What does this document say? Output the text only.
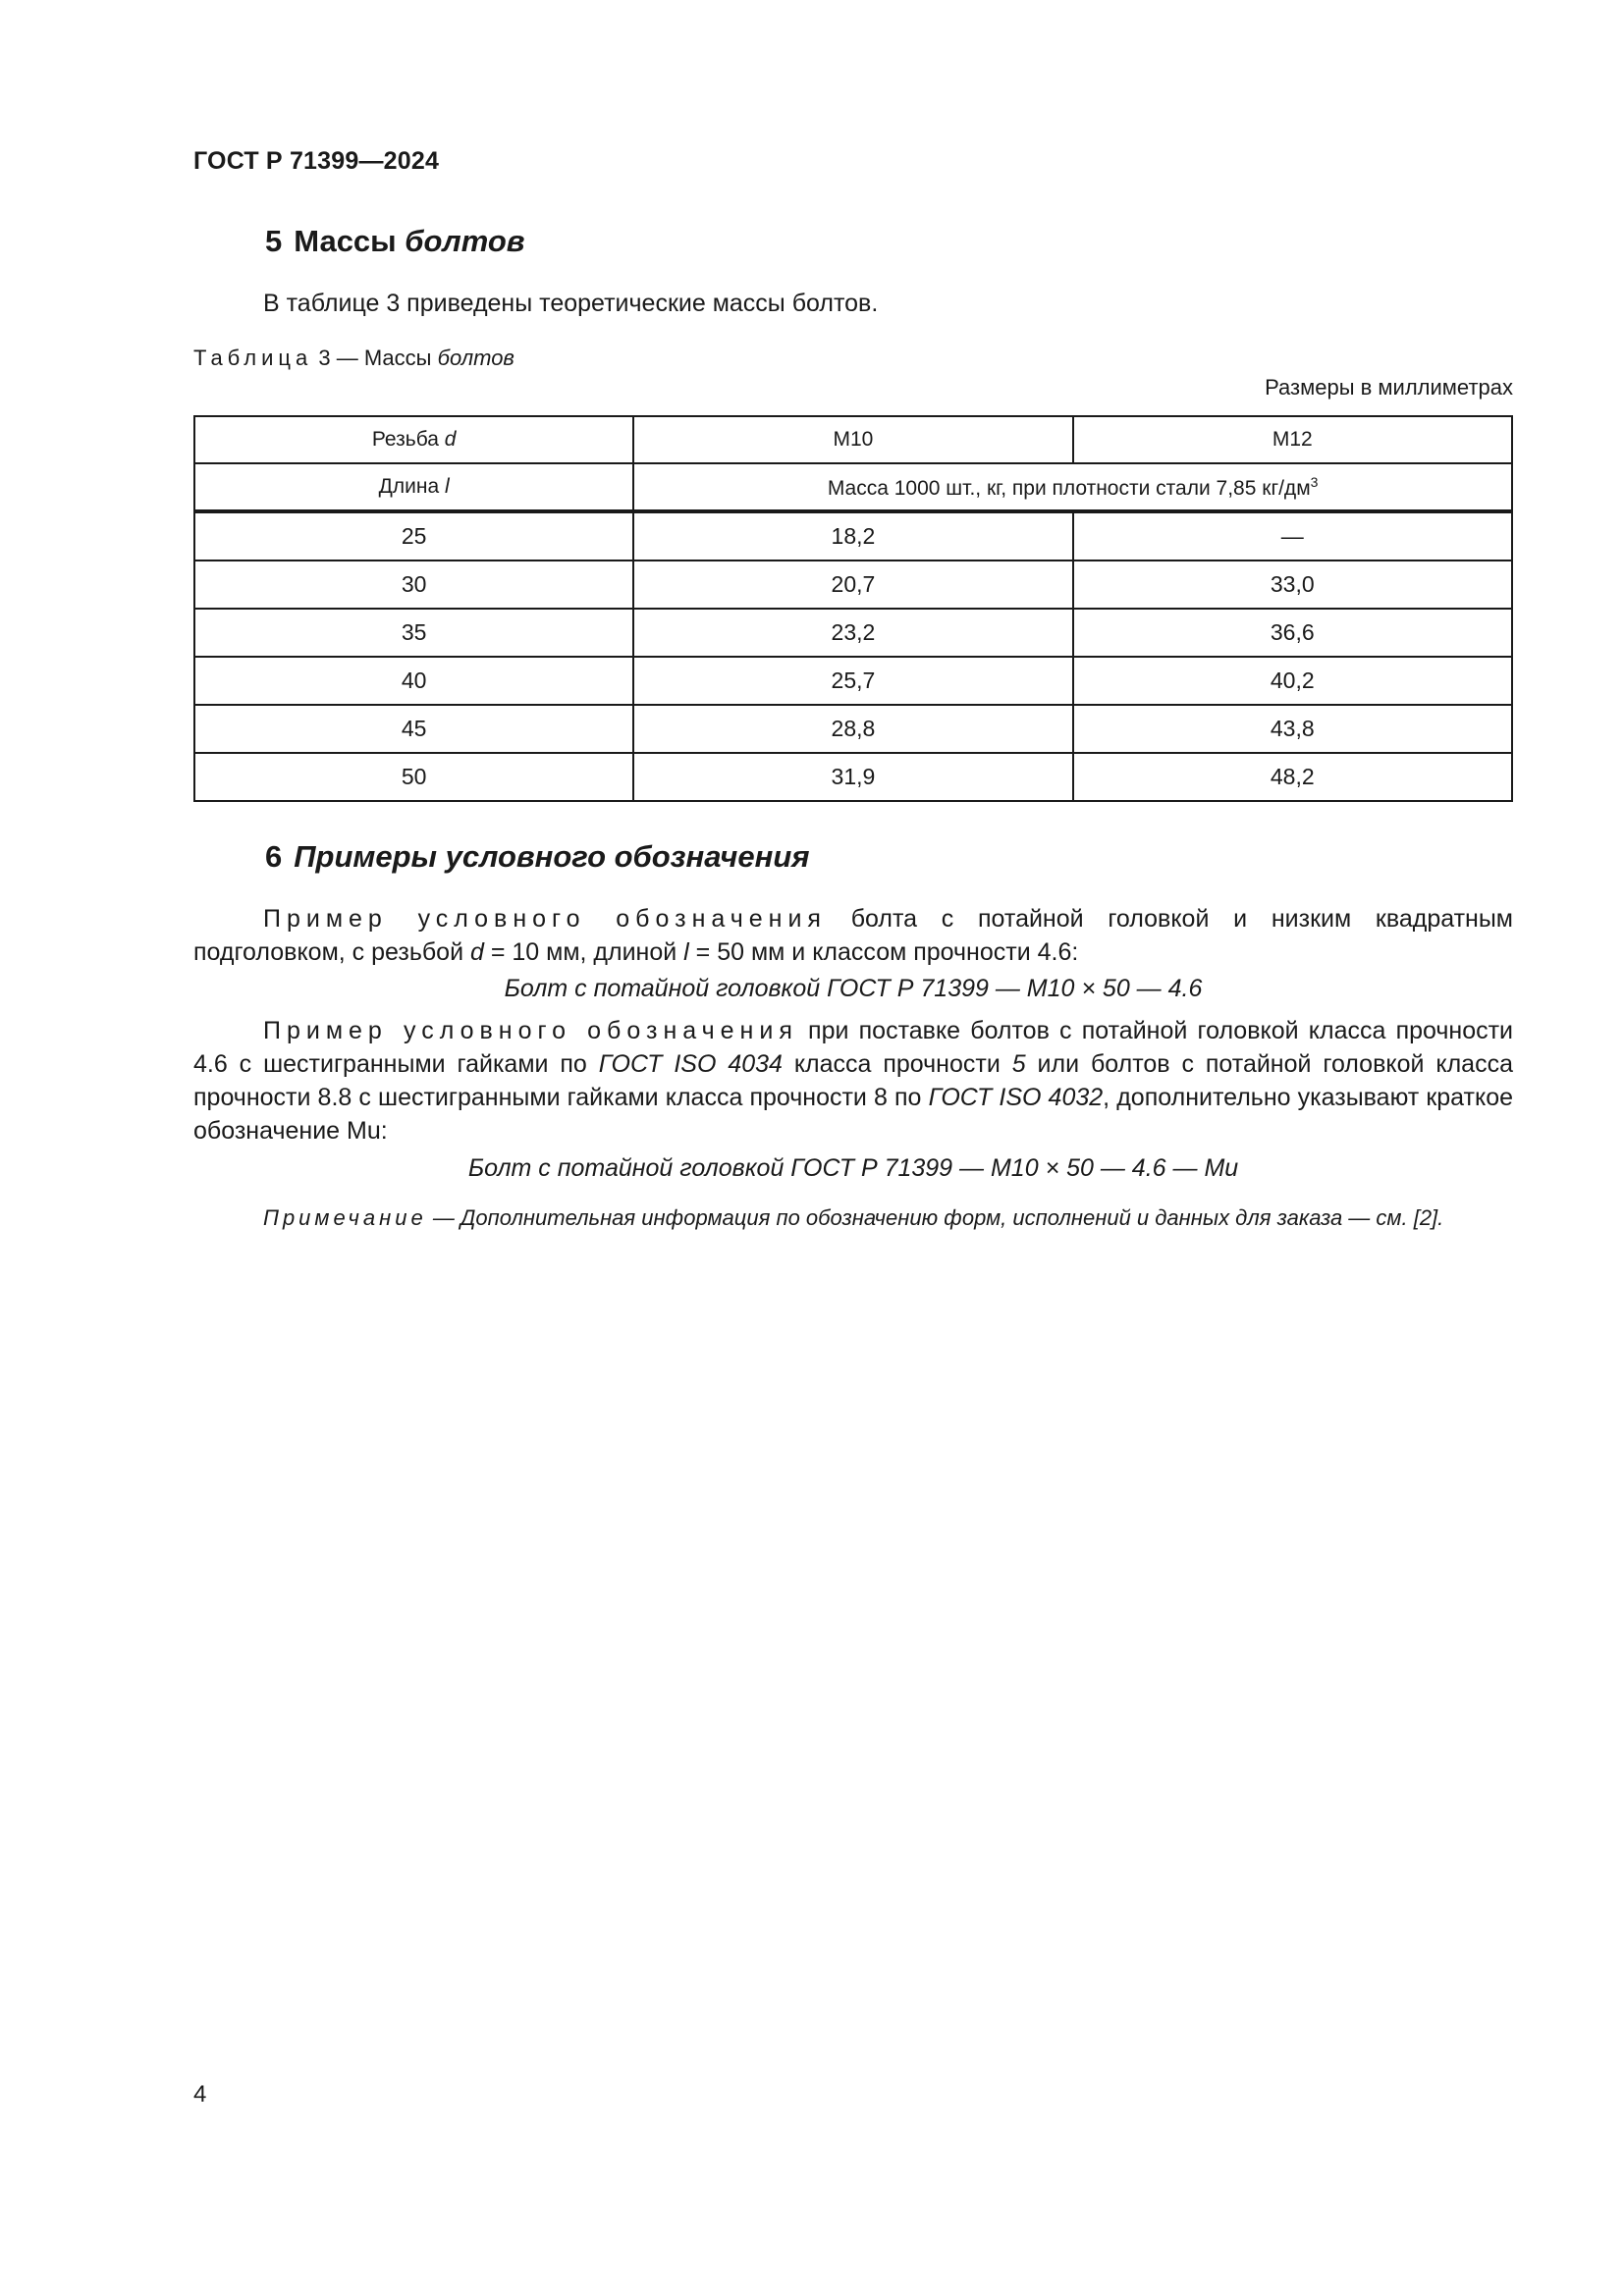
ГОСТ Р 71399—2024
5 Массы болтов
В таблице 3 приведены теоретические массы болтов.
Таблица 3 — Массы болтов
Размеры в миллиметрах
Резьба d	M10	M12
Длина l	Масса 1000 шт., кг, при плотности стали 7,85 $кг/дм^3$
25	18,2	—
30	20,7	33,0
35	23,2	36,6
40	25,7	40,2
45	28,8	43,8
50	31,9	48,2
6 Примеры условного обозначения
Пример условного обозначения болта с потайной головкой и низким квадратным подголовком, с резьбой d = 10 мм, длиной l = 50 мм и классом прочности 4.6:
Болт с потайной головкой ГОСТ Р 71399 — M10 × 50 — 4.6
Пример условного обозначения при поставке болтов с потайной головкой класса прочности 4.6 с шестигранными гайками по ГОСТ ISO 4034 класса прочности 5 или болтов с потайной головкой класса прочности 8.8 с шестигранными гайками класса прочности 8 по ГОСТ ISO 4032, дополнительно указывают краткое обозначение Mu:
Болт с потайной головкой ГОСТ Р 71399 — M10 × 50 — 4.6 — Mu
Примечание — Дополнительная информация по обозначению форм, исполнений и данных для заказа — см. [2].
4
